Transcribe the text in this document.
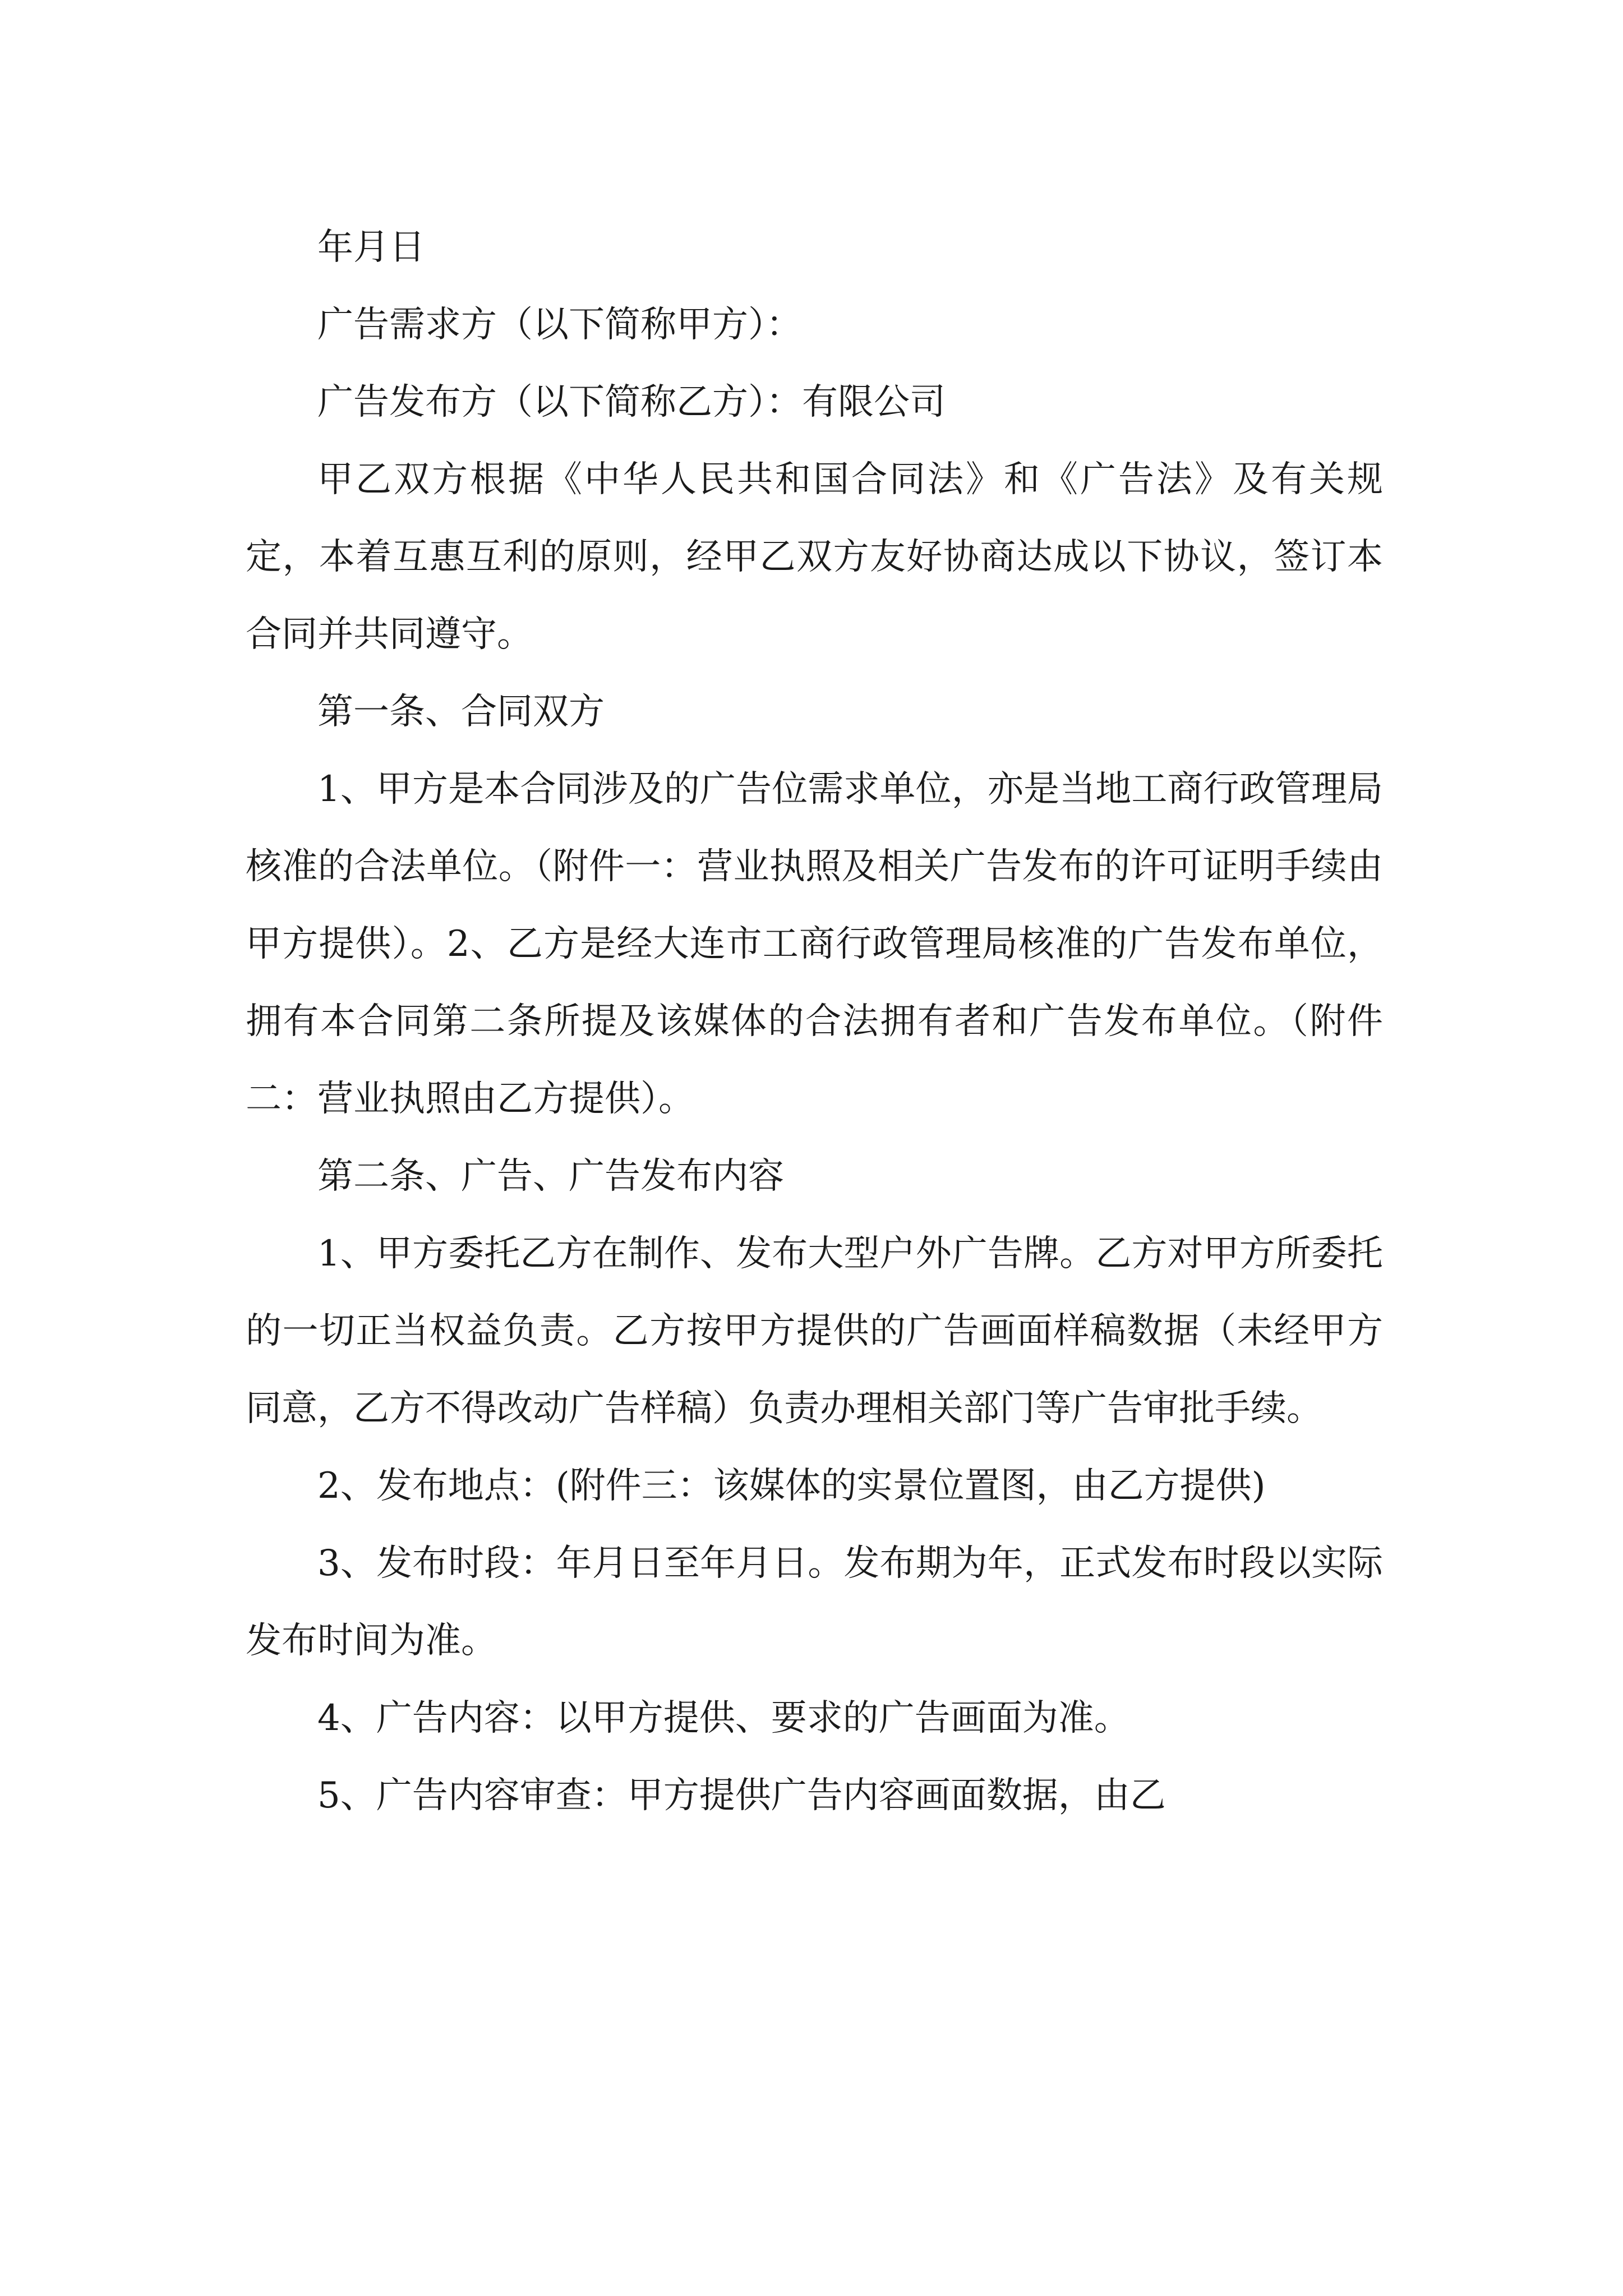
年月日

广告需求方（以下简称甲方）：

广告发布方（以下简称乙方）：有限公司

甲乙双方根据《中华人民共和国合同法》和《广告法》及有关规定，本着互惠互利的原则，经甲乙双方友好协商达成以下协议，签订本合同并共同遵守。

第一条、合同双方

1、甲方是本合同涉及的广告位需求单位，亦是当地工商行政管理局核准的合法单位。（附件一：营业执照及相关广告发布的许可证明手续由甲方提供）。2、乙方是经大连市工商行政管理局核准的广告发布单位，拥有本合同第二条所提及该媒体的合法拥有者和广告发布单位。（附件二：营业执照由乙方提供）。

第二条、广告、广告发布内容

1、甲方委托乙方在制作、发布大型户外广告牌。乙方对甲方所委托的一切正当权益负责。乙方按甲方提供的广告画面样稿数据（未经甲方同意，乙方不得改动广告样稿）负责办理相关部门等广告审批手续。

2、发布地点：(附件三：该媒体的实景位置图，由乙方提供)

3、发布时段：年月日至年月日。发布期为年，正式发布时段以实际发布时间为准。

4、广告内容：以甲方提供、要求的广告画面为准。

5、广告内容审查：甲方提供广告内容画面数据，由乙
